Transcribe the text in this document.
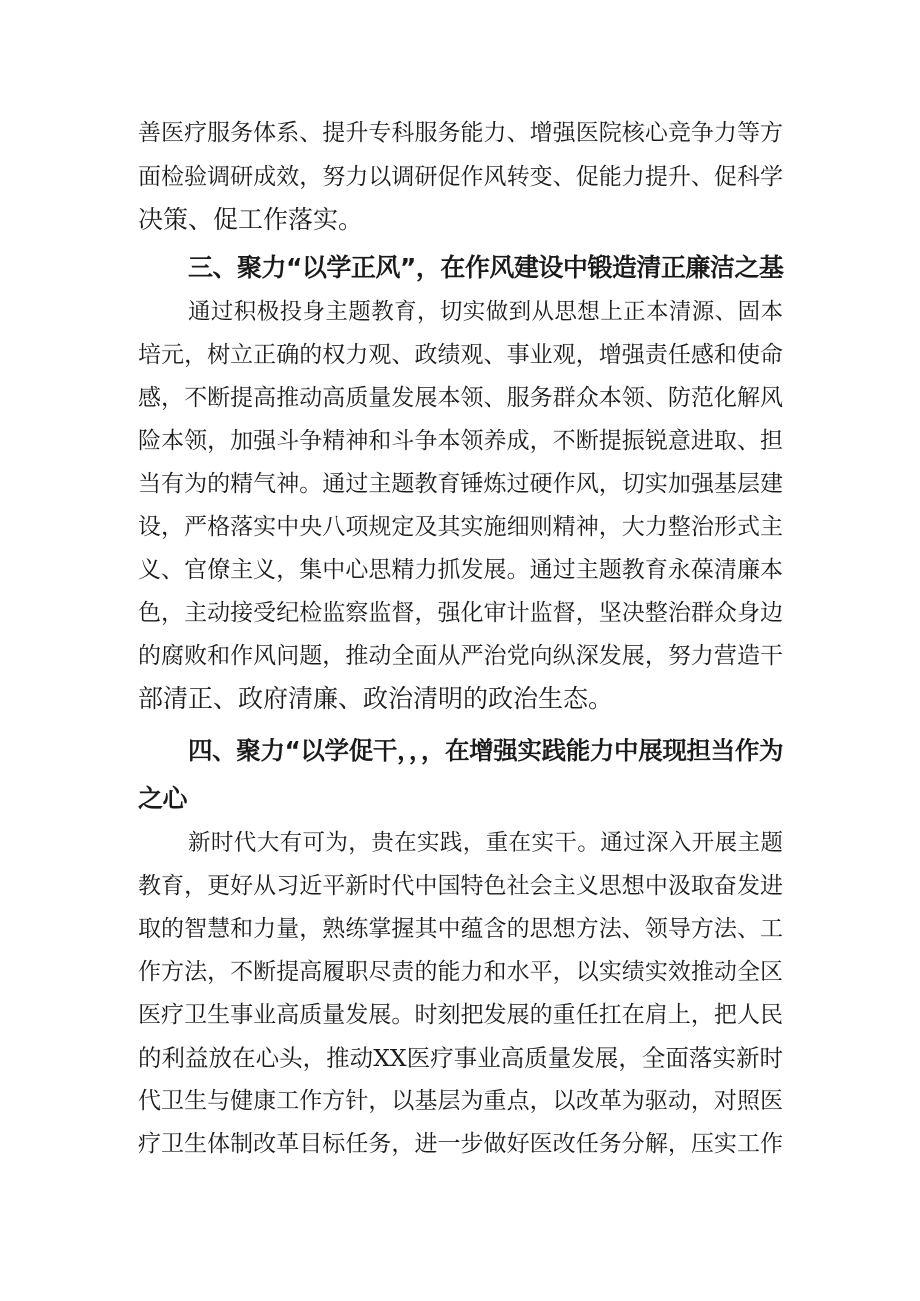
善医疗服务体系、提升专科服务能力、增强医院核心竞争力等方
面检验调研成效，努力以调研促作风转变、促能力提升、促科学
决策、促工作落实。
三、聚力“以学正风”，在作风建设中锻造清正廉洁之基
通过积极投身主题教育，切实做到从思想上正本清源、固本
培元，树立正确的权力观、政绩观、事业观，增强责任感和使命
感，不断提高推动高质量发展本领、服务群众本领、防范化解风
险本领，加强斗争精神和斗争本领养成，不断提振锐意进取、担
当有为的精气神。通过主题教育锤炼过硬作风，切实加强基层建
设，严格落实中央八项规定及其实施细则精神，大力整治形式主
义、官僚主义，集中心思精力抓发展。通过主题教育永葆清廉本
色，主动接受纪检监察监督，强化审计监督，坚决整治群众身边
的腐败和作风问题，推动全面从严治党向纵深发展，努力营造干
部清正、政府清廉、政治清明的政治生态。
四、聚力“以学促干，，，在增强实践能力中展现担当作为
之心
新时代大有可为，贵在实践，重在实干。通过深入开展主题
教育，更好从习近平新时代中国特色社会主义思想中汲取奋发进
取的智慧和力量，熟练掌握其中蕴含的思想方法、领导方法、工
作方法，不断提高履职尽责的能力和水平，以实绩实效推动全区
医疗卫生事业高质量发展。时刻把发展的重任扛在肩上，把人民
的利益放在心头，推动XX医疗事业高质量发展，全面落实新时
代卫生与健康工作方针，以基层为重点，以改革为驱动，对照医
疗卫生体制改革目标任务，进一步做好医改任务分解，压实工作
